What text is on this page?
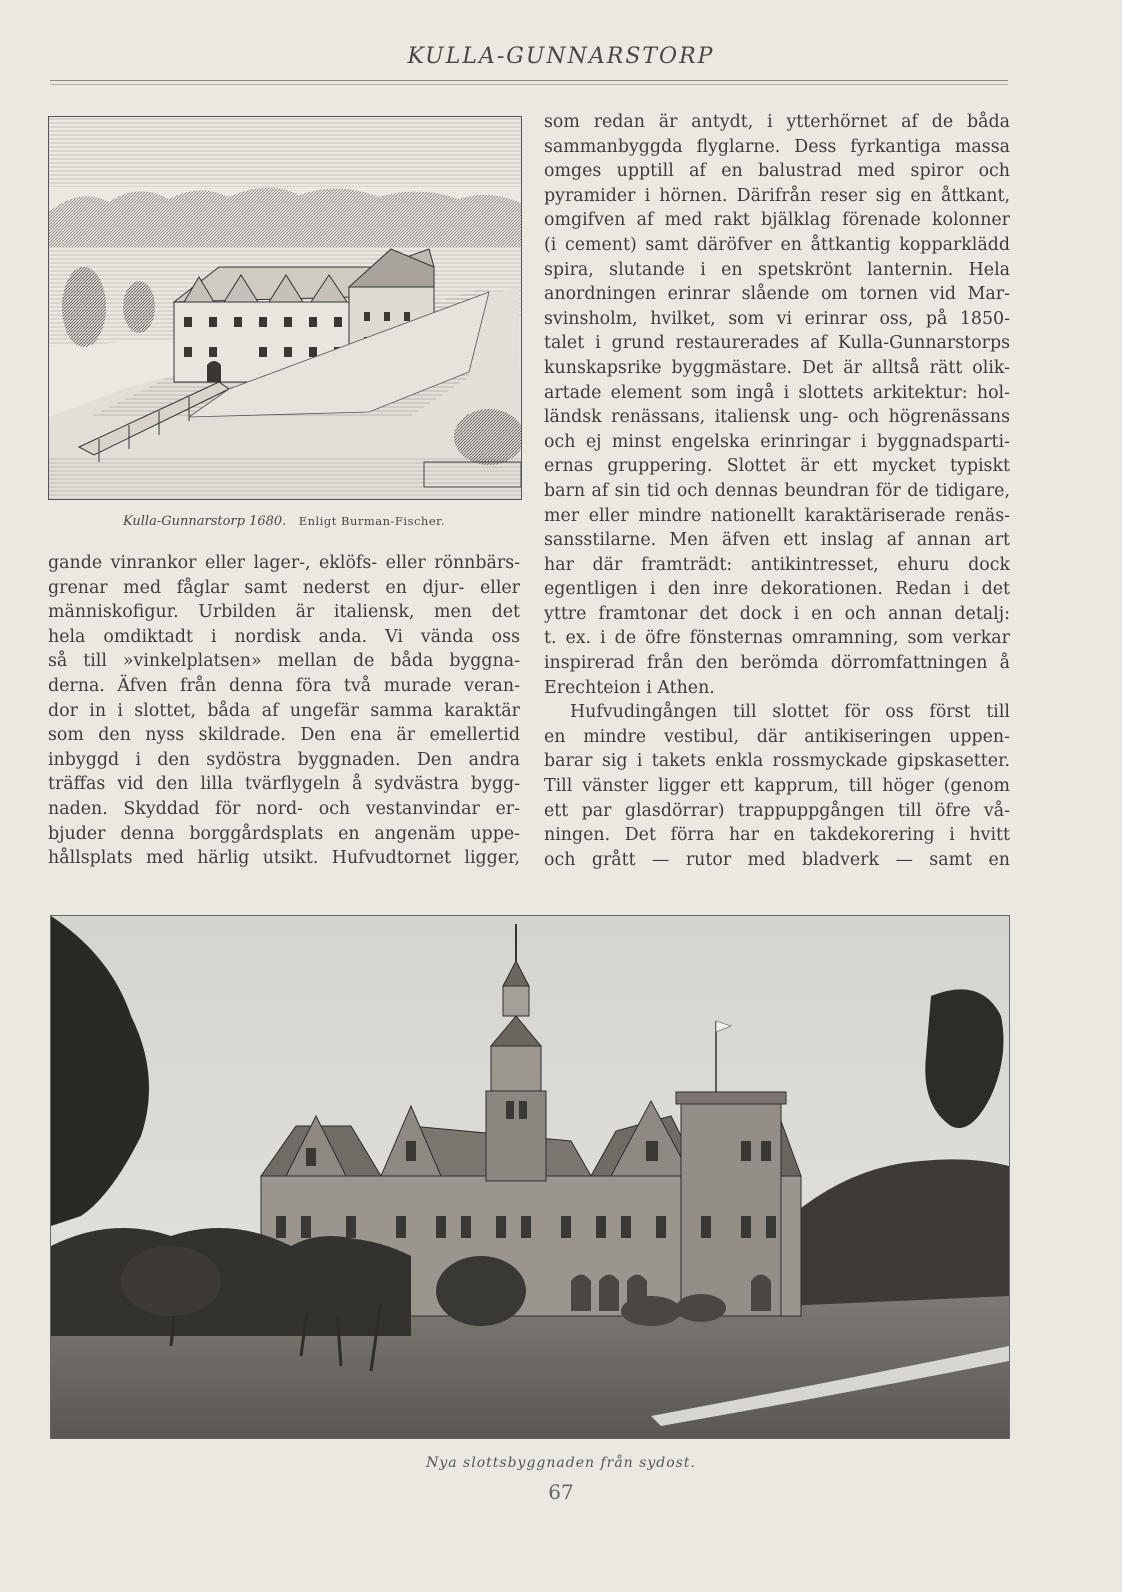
KULLA-GUNNARSTORP
Kulla-Gunnarstorp 1680. Enligt Burman-Fischer.
gande vinrankor eller lager-, eklöfs- eller rönnbärs-
grenar med fåglar samt nederst en djur- eller
människofigur. Urbilden är italiensk, men det
hela omdiktadt i nordisk anda. Vi vända oss
så till »vinkelplatsen» mellan de båda byggna-
derna. Äfven från denna föra två murade veran-
dor in i slottet, båda af ungefär samma karaktär
som den nyss skildrade. Den ena är emellertid
inbyggd i den sydöstra byggnaden. Den andra
träffas vid den lilla tvärflygeln å sydvästra bygg-
naden. Skyddad för nord- och vestanvindar er-
bjuder denna borggårdsplats en angenäm uppe-
hållsplats med härlig utsikt. Hufvudtornet ligger,
som redan är antydt, i ytterhörnet af de båda
sammanbyggda flyglarne. Dess fyrkantiga massa
omges upptill af en balustrad med spiror och
pyramider i hörnen. Därifrån reser sig en åttkant,
omgifven af med rakt bjälklag förenade kolonner
(i cement) samt däröfver en åttkantig kopparklädd
spira, slutande i en spetskrönt lanternin. Hela
anordningen erinrar slående om tornen vid Mar-
svinsholm, hvilket, som vi erinrar oss, på 1850-
talet i grund restaurerades af Kulla-Gunnarstorps
kunskapsrike byggmästare. Det är alltså rätt olik-
artade element som ingå i slottets arkitektur: hol-
ländsk renässans, italiensk ung- och högrenässans
och ej minst engelska erinringar i byggnadsparti-
ernas gruppering. Slottet är ett mycket typiskt
barn af sin tid och dennas beundran för de tidigare,
mer eller mindre nationellt karaktäriserade renäs-
sansstilarne. Men äfven ett inslag af annan art
har där framträdt: antikintresset, ehuru dock
egentligen i den inre dekorationen. Redan i det
yttre framtonar det dock i en och annan detalj:
t. ex. i de öfre fönsternas omramning, som verkar
inspirerad från den berömda dörromfattningen å
Erechteion i Athen.
Hufvudingången till slottet för oss först till
en mindre vestibul, där antikiseringen uppen-
barar sig i takets enkla rossmyckade gipskasetter.
Till vänster ligger ett kapprum, till höger (genom
ett par glasdörrar) trappuppgången till öfre vå-
ningen. Det förra har en takdekorering i hvitt
och grått — rutor med bladverk — samt en
Nya slottsbyggnaden från sydost.
67
